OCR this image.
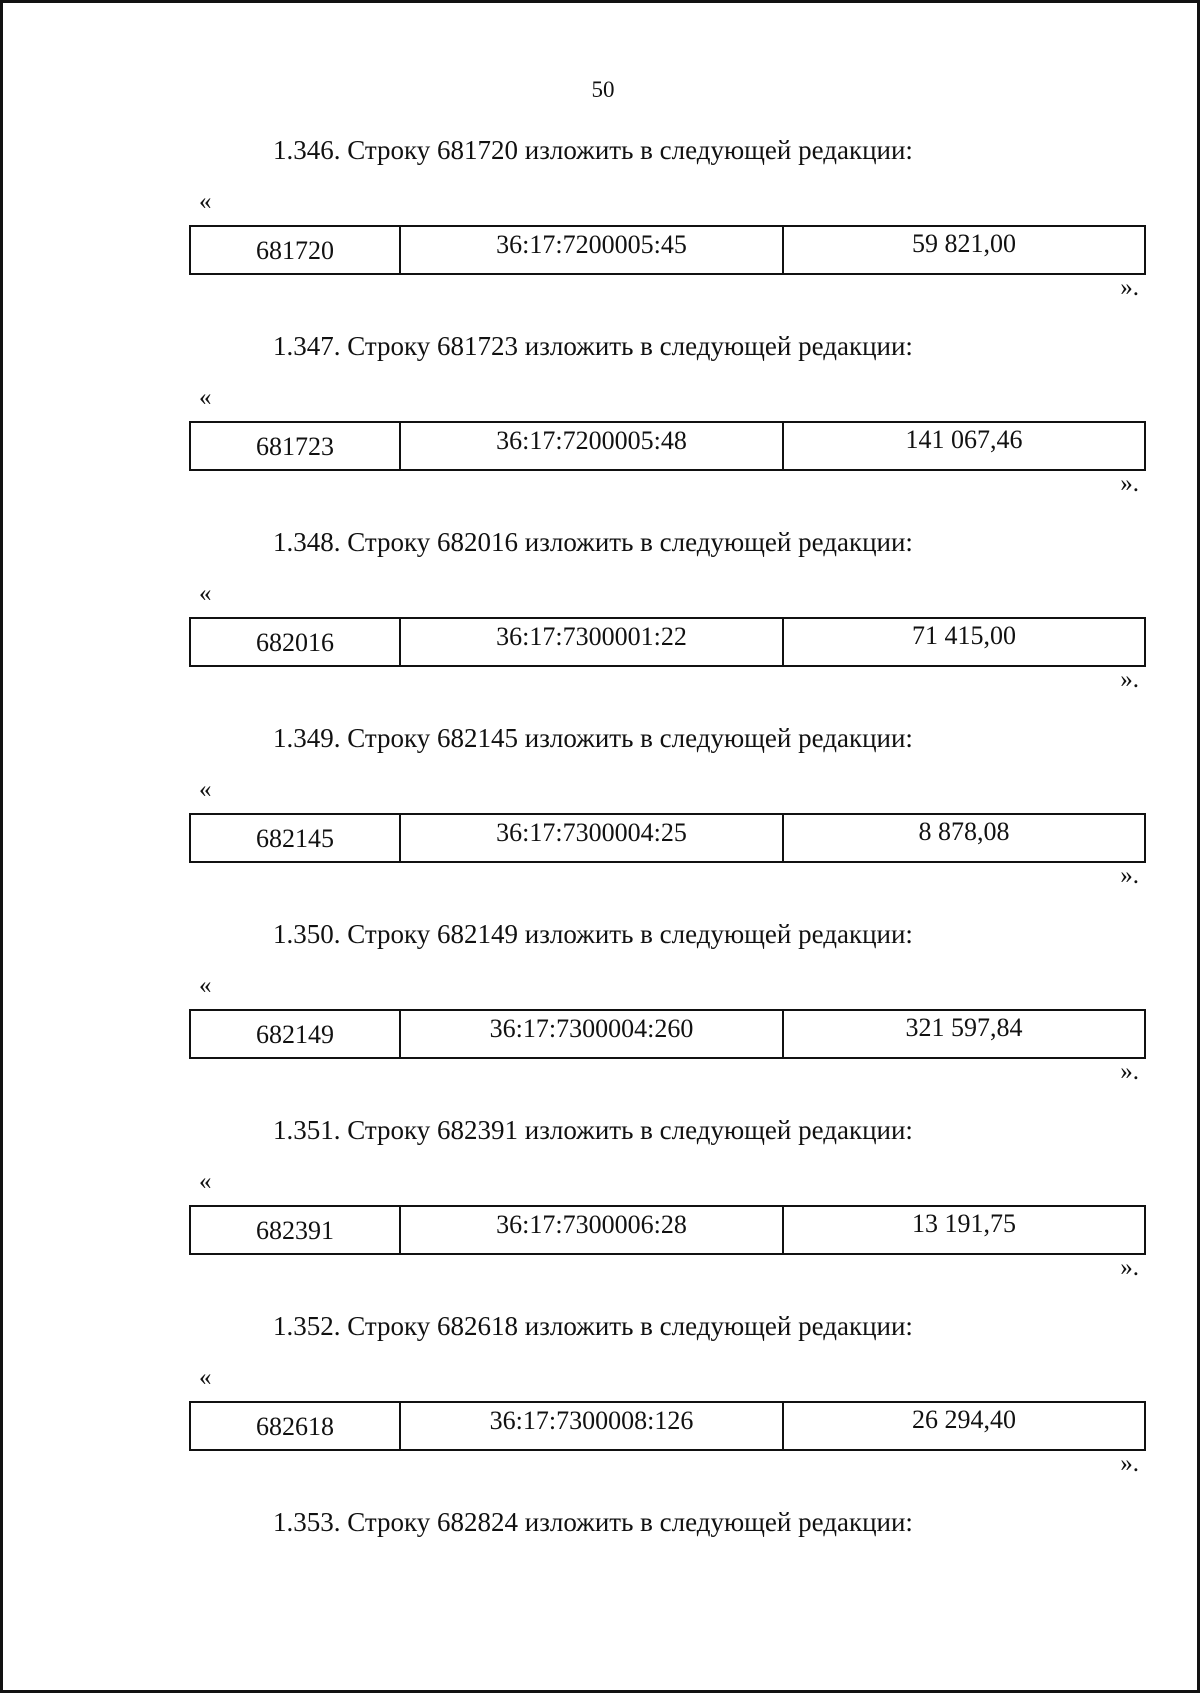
50
1.346. Строку 681720 изложить в следующей редакции:
«
681720	36:17:7200005:45	59 821,00
».
1.347. Строку 681723 изложить в следующей редакции:
«
681723	36:17:7200005:48	141 067,46
».
1.348. Строку 682016 изложить в следующей редакции:
«
682016	36:17:7300001:22	71 415,00
».
1.349. Строку 682145 изложить в следующей редакции:
«
682145	36:17:7300004:25	8 878,08
».
1.350. Строку 682149 изложить в следующей редакции:
«
682149	36:17:7300004:260	321 597,84
».
1.351. Строку 682391 изложить в следующей редакции:
«
682391	36:17:7300006:28	13 191,75
».
1.352. Строку 682618 изложить в следующей редакции:
«
682618	36:17:7300008:126	26 294,40
».
1.353. Строку 682824 изложить в следующей редакции:
